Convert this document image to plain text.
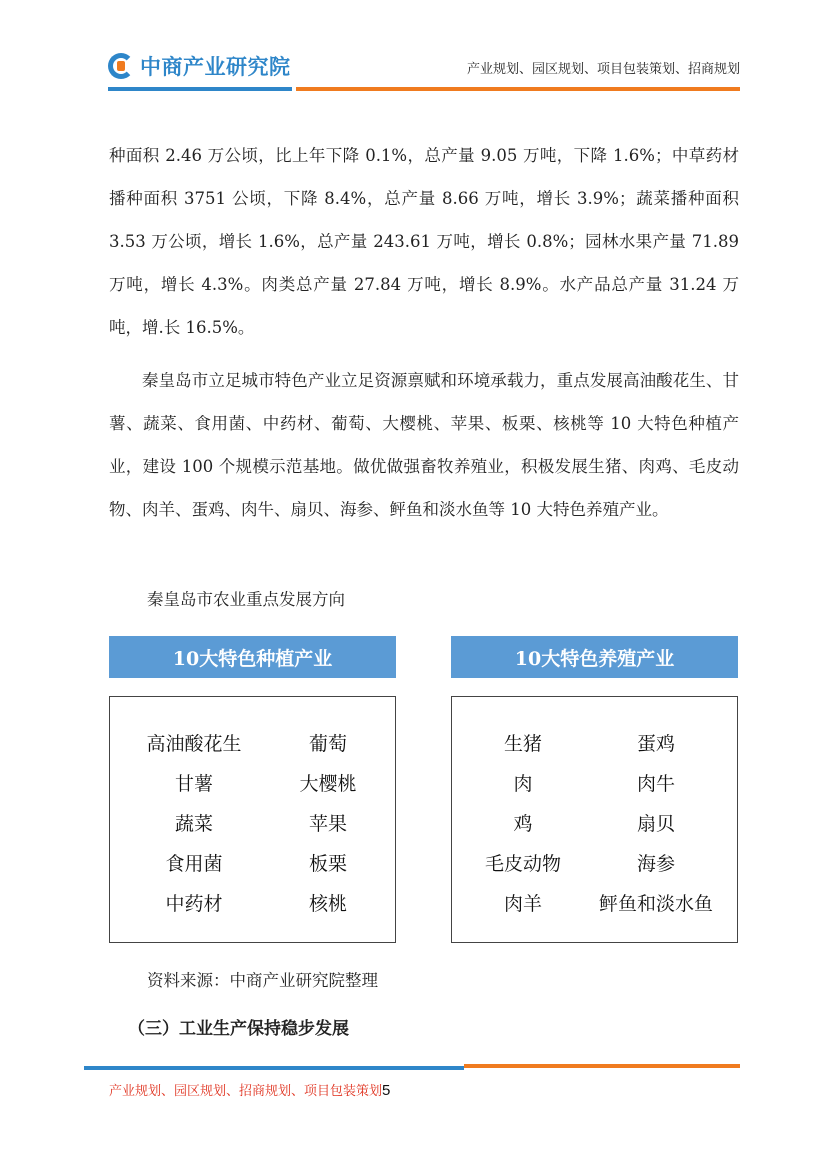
中商产业研究院	产业规划、园区规划、项目包装策划、招商规划

种面积 2.46 万公顷，比上年下降 0.1%，总产量 9.05 万吨，下降 1.6%；中草药材播种面积 3751 公顷，下降 8.4%，总产量 8.66 万吨，增长 3.9%；蔬菜播种面积 3.53 万公顷，增长 1.6%，总产量 243.61 万吨，增长 0.8%；园林水果产量 71.89 万吨，增长 4.3%。肉类总产量 27.84 万吨，增长 8.9%。水产品总产量 31.24 万吨，增.长 16.5%。

秦皇岛市立足城市特色产业立足资源禀赋和环境承载力，重点发展高油酸花生、甘薯、蔬菜、食用菌、中药材、葡萄、大樱桃、苹果、板栗、核桃等 10 大特色种植产业，建设 100 个规模示范基地。做优做强畜牧养殖业，积极发展生猪、肉鸡、毛皮动物、肉羊、蛋鸡、肉牛、扇贝、海参、鲆鱼和淡水鱼等 10 大特色养殖产业。

秦皇岛市农业重点发展方向
10大特色种植产业
高油酸花生
甘薯
蔬菜
食用菌
中药材
葡萄
大樱桃
苹果
板栗
核桃
10大特色养殖产业
生猪
肉
鸡
毛皮动物
肉羊
蛋鸡
肉牛
扇贝
海参
鲆鱼和淡水鱼
资料来源：中商产业研究院整理
（三）工业生产保持稳步发展
产业规划、园区规划、招商规划、项目包装策划5
